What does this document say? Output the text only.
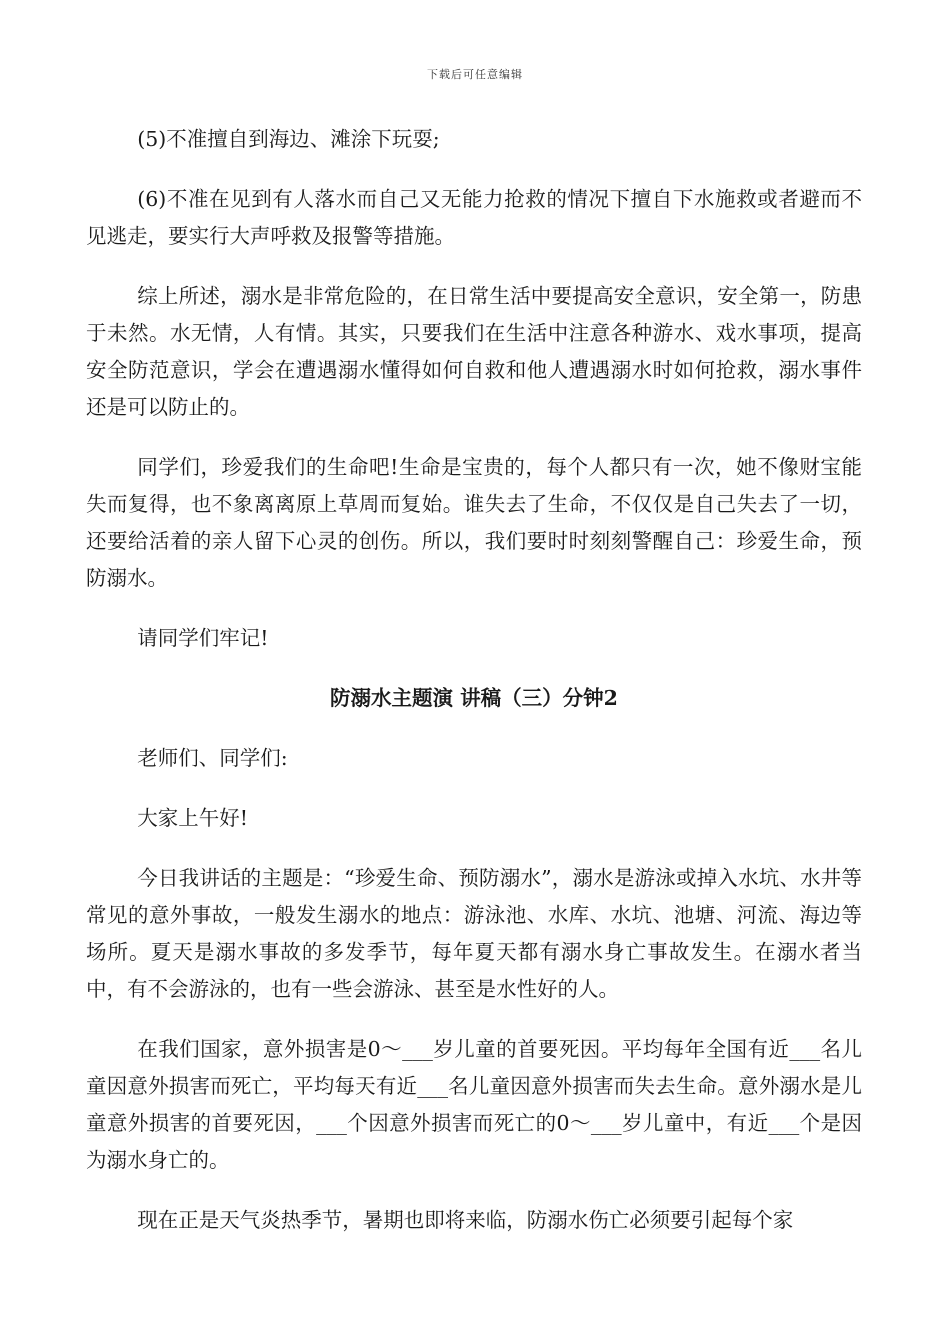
下载后可任意编辑

(5)不准擅自到海边、滩涂下玩耍;

(6)不准在见到有人落水而自己又无能力抢救的情况下擅自下水施救或者避而不见逃走，要实行大声呼救及报警等措施。

综上所述，溺水是非常危险的，在日常生活中要提高安全意识，安全第一，防患于未然。水无情，人有情。其实，只要我们在生活中注意各种游水、戏水事项，提高安全防范意识，学会在遭遇溺水懂得如何自救和他人遭遇溺水时如何抢救，溺水事件还是可以防止的。

同学们，珍爱我们的生命吧!生命是宝贵的，每个人都只有一次，她不像财宝能失而复得，也不象离离原上草周而复始。谁失去了生命，不仅仅是自己失去了一切，还要给活着的亲人留下心灵的创伤。所以，我们要时时刻刻警醒自己：珍爱生命，预防溺水。

请同学们牢记!

防溺水主题演 讲稿（三）分钟2

老师们、同学们:

大家上午好!

今日我讲话的主题是：“珍爱生命、预防溺水”，溺水是游泳或掉入水坑、水井等常见的意外事故，一般发生溺水的地点：游泳池、水库、水坑、池塘、河流、海边等场所。夏天是溺水事故的多发季节，每年夏天都有溺水身亡事故发生。在溺水者当中，有不会游泳的，也有一些会游泳、甚至是水性好的人。

在我们国家，意外损害是0～___岁儿童的首要死因。平均每年全国有近___名儿童因意外损害而死亡，平均每天有近___名儿童因意外损害而失去生命。意外溺水是儿童意外损害的首要死因，___个因意外损害而死亡的0～___岁儿童中，有近___个是因为溺水身亡的。

现在正是天气炎热季节，暑期也即将来临，防溺水伤亡必须要引起每个家
